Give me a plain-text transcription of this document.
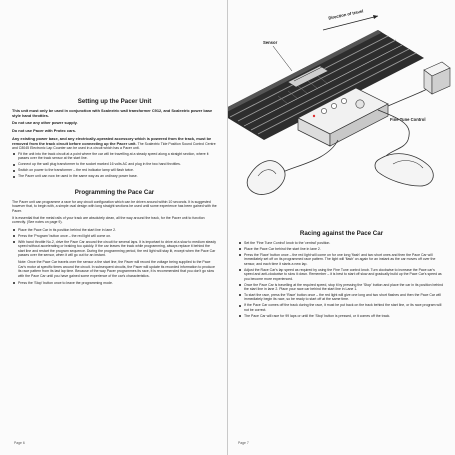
Setting up the Pacer Unit
This unit must only be used in conjunction with Scalextric wall transformer C912, and Scalextric power base style hand throttles.
Do not use any other power supply.
Do not use Pacer with Protec cars.
Any existing power base, and any electrically-operated accessory which is powered from the track, must be removed from the track circuit before connecting up the Pacer unit. The Scalextric Tide Position Sound Control Centre and C8045 Electronic Lap Counter can be used in a circuit which has a Pacer unit.
Fit the unit into the track circuit at a point where the car will be travelling at a steady speed along a straight section, where it passes over the track sensor at the start line.
Connect up the wall plug transformer to the socket marked 16 volts AC and plug in the two hand throttles.
Switch on power to the transformer – the red indicator lamp will flash twice.
The Pacer unit can now be used in the same way as an ordinary power base.
Programming the Pace Car
The Pacer unit can programme a race for any circuit configuration which can be driven around within 10 seconds. It is suggested however that, to begin with, a simple oval design with long straight sections be used until some experience has been gained with the Pacer.
It is essential that the metal rails of your track are absolutely clean, all the way around the track, for the Pacer unit to function correctly. (See notes on page 9).
Place the Pace Car in its position behind the start line in lane 2.
Press the 'Program' button once – the red light will come on.
With hand throttle No.2, drive the Pace Car around the circuit for several laps. It is important to drive at a slow to medium steady speed without accelerating or braking too quickly. If the car leaves the track while programming, always replace it behind the start line and restart the program sequence. During the programming period, the red light will stay lit, except when the Pace Car passes over the sensor, when it will go out for an instant.
Note: Once the Pace Car travels over the sensor a the start line, the Pacer will record the voltage being supplied to the Pace Car's motor at specific times around the circuit. In subsequent circuits, the Pacer will update its recorded information to produce its race pattern from its last lap time. Because of the way Pacer programmes its race, it is recommended that you don't go slow with the Pace Car until you have gained some experience of the car's characteristics.
Press the 'Stop' button once to leave the programming mode.
Page 6
Sensor
Direction of travel
Fine Tune Control
Racing against the Pace Car
Set the 'Fine Tune Control' knob to the 'central' position.
Place the Pace Car behind the start line in lane 2.
Press the 'Race' button once – the red light will come on for one long 'flash' and two short ones and then the Pace Car will immediately set off on its programmed race pattern. The light will 'flash' on again for an instant as the car moves off over the sensor, and each time it starts a new lap.
Adjust the Race Car's lap speed as required by using the Fine Tune control knob. Turn clockwise to increase the Pace car's speed and anti-clockwise to slow it down. Remember – it is best to start off slow and gradually build up the Pace Car's speed as you become more experienced.
Once the Pace Car is travelling at the required speed, stop it by pressing the 'Stop' button and place the car in its position behind the start line in lane 2. Place your race car behind the start line in Lane 1.
To start the race, press the 'Race' button once – the red light will give one long and two short flashes and then the Pace Car will immediately begin its race, so be ready to start off at the same time.
If the Pace Car comes off the track during the race, it must be put back on the track behind the start line, or its race program will not be correct.
The Pace Car will race for 99 laps or until the 'Stop' button is pressed, or it comes off the track.
Page 7
